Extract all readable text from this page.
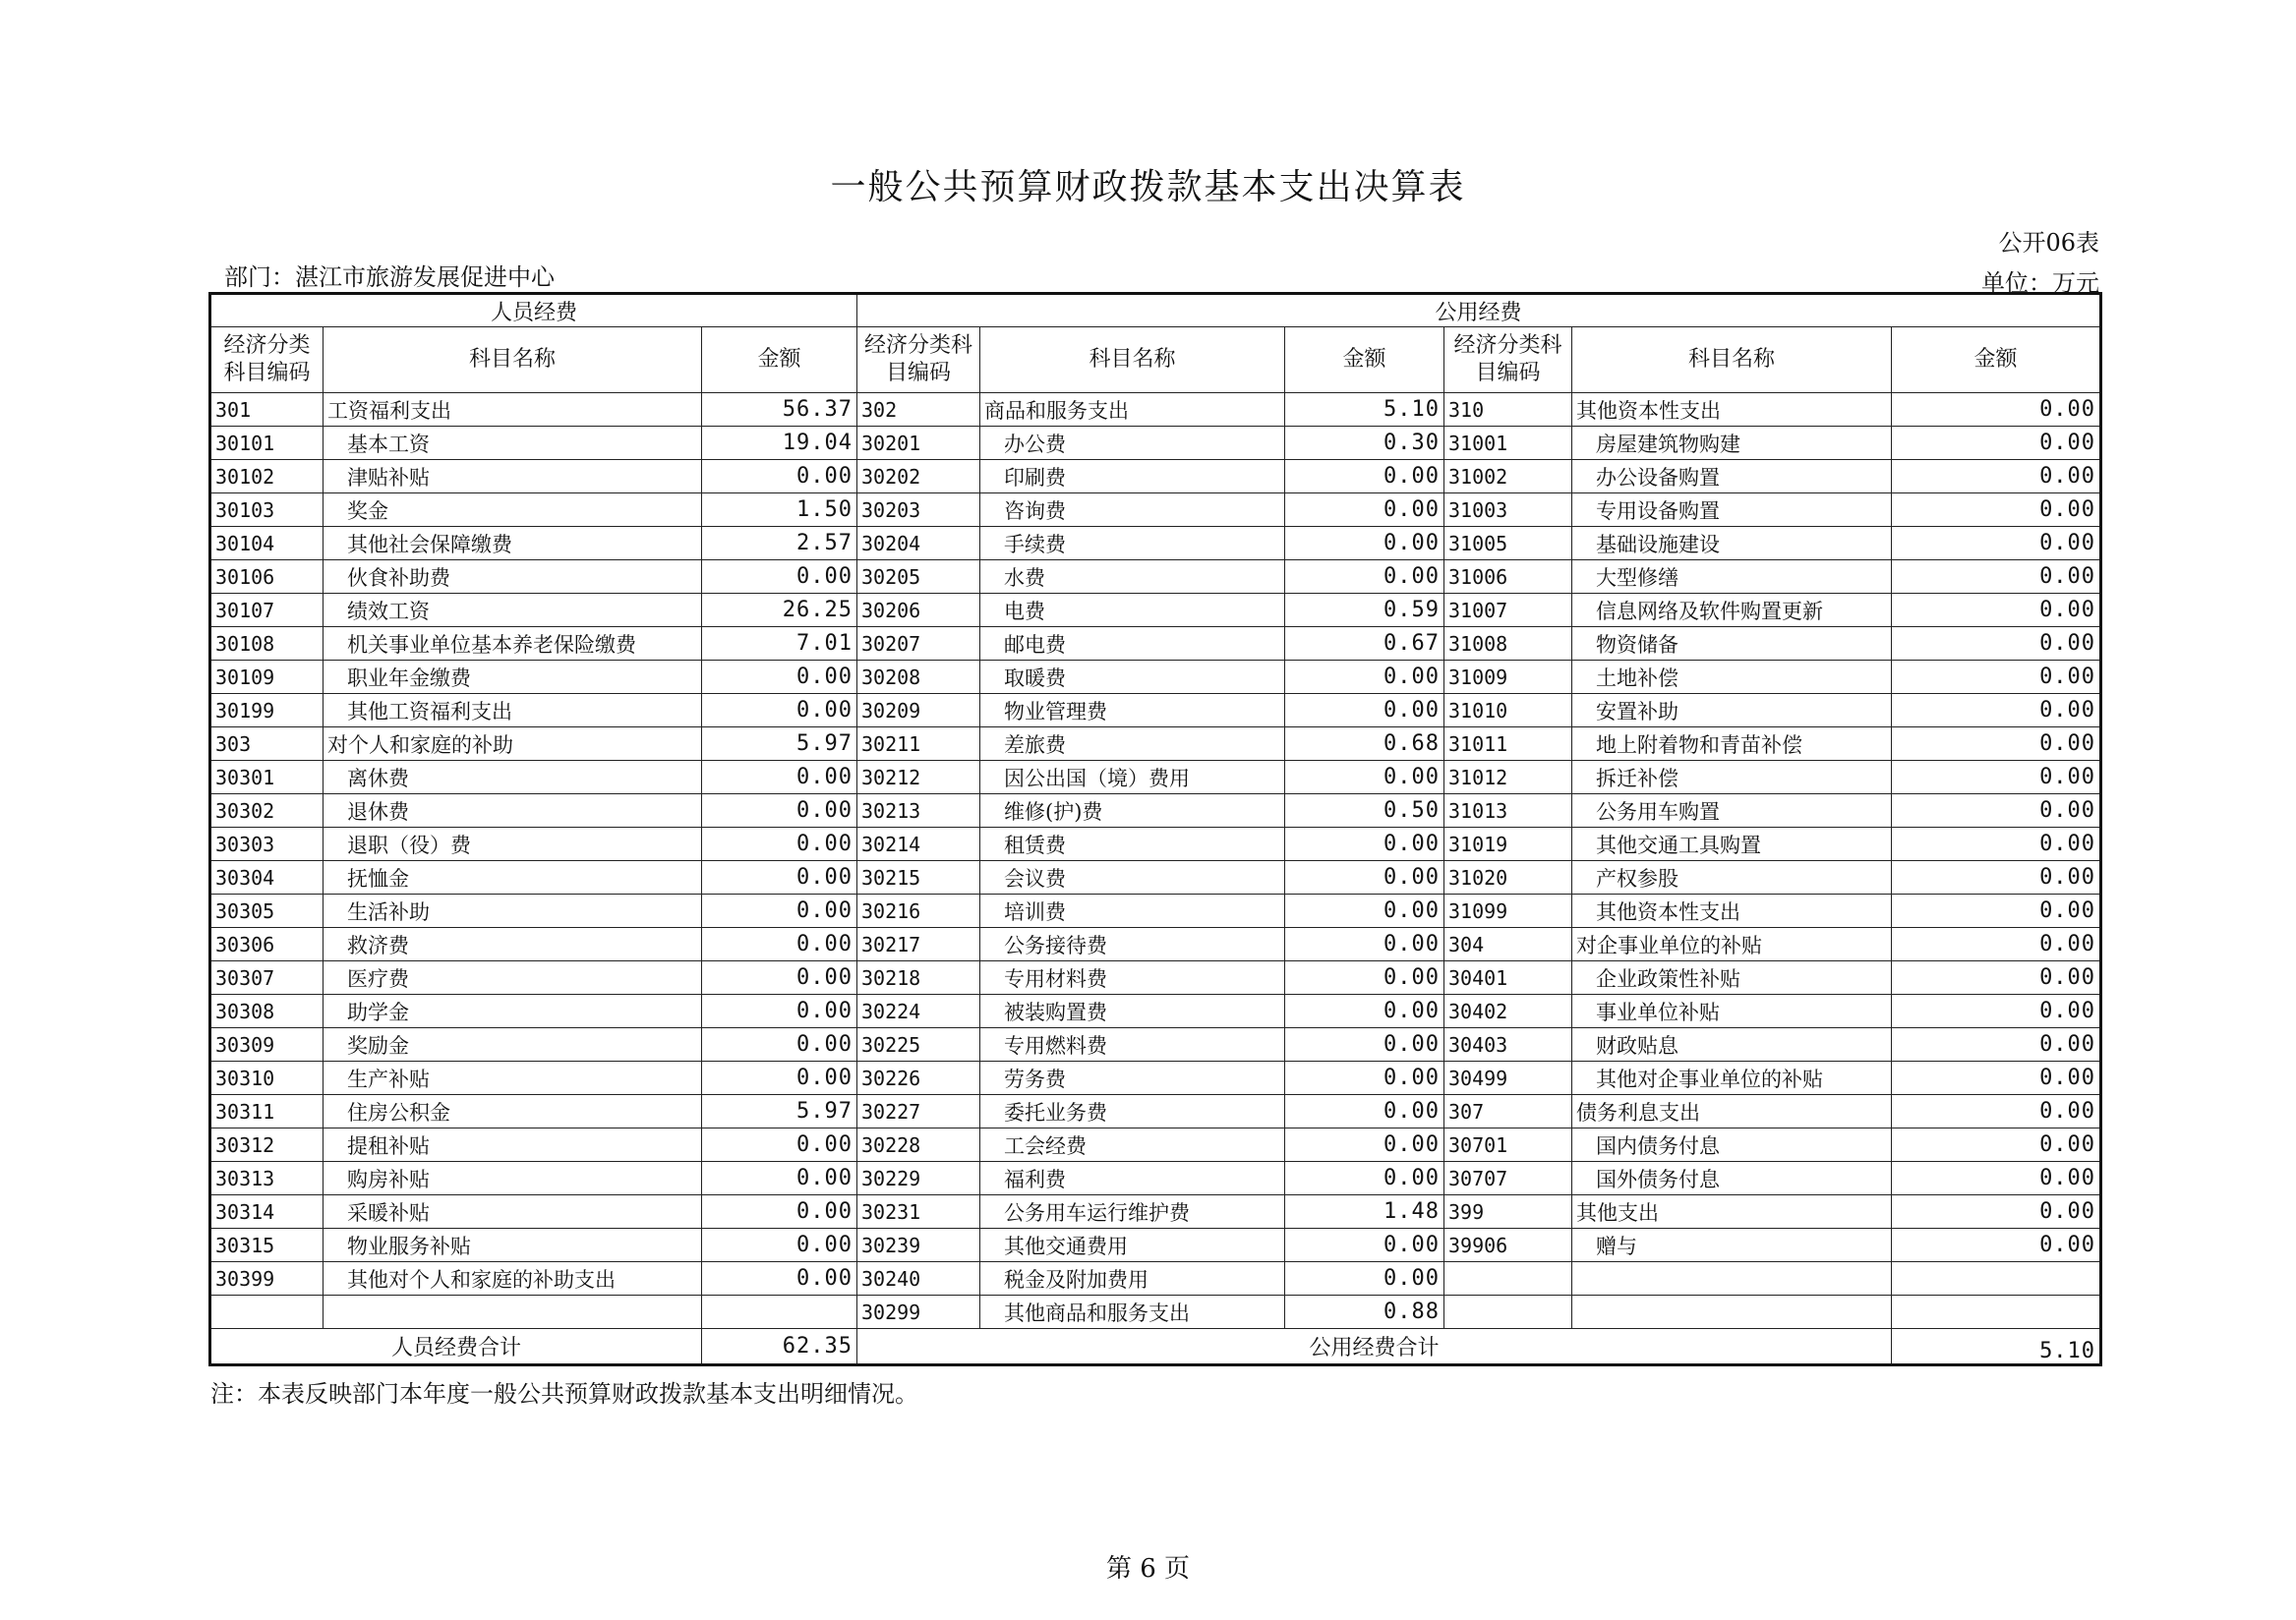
一般公共预算财政拨款基本支出决算表
公开06表
部门：湛江市旅游发展促进中心	单位：万元
人员经费			公用经费					
经济分类科目编码	科目名称	金额	经济分类科目编码	科目名称	金额	经济分类科目编码	科目名称	金额
301	工资福利支出	56.37	302	商品和服务支出	5.10	310	其他资本性支出	0.00
30101	基本工资	19.04	30201	办公费	0.30	31001	房屋建筑物购建	0.00
30102	津贴补贴	0.00	30202	印刷费	0.00	31002	办公设备购置	0.00
30103	奖金	1.50	30203	咨询费	0.00	31003	专用设备购置	0.00
30104	其他社会保障缴费	2.57	30204	手续费	0.00	31005	基础设施建设	0.00
30106	伙食补助费	0.00	30205	水费	0.00	31006	大型修缮	0.00
30107	绩效工资	26.25	30206	电费	0.59	31007	信息网络及软件购置更新	0.00
30108	机关事业单位基本养老保险缴费	7.01	30207	邮电费	0.67	31008	物资储备	0.00
30109	职业年金缴费	0.00	30208	取暖费	0.00	31009	土地补偿	0.00
30199	其他工资福利支出	0.00	30209	物业管理费	0.00	31010	安置补助	0.00
303	对个人和家庭的补助	5.97	30211	差旅费	0.68	31011	地上附着物和青苗补偿	0.00
30301	离休费	0.00	30212	因公出国（境）费用	0.00	31012	拆迁补偿	0.00
30302	退休费	0.00	30213	维修(护)费	0.50	31013	公务用车购置	0.00
30303	退职（役）费	0.00	30214	租赁费	0.00	31019	其他交通工具购置	0.00
30304	抚恤金	0.00	30215	会议费	0.00	31020	产权参股	0.00
30305	生活补助	0.00	30216	培训费	0.00	31099	其他资本性支出	0.00
30306	救济费	0.00	30217	公务接待费	0.00	304	对企事业单位的补贴	0.00
30307	医疗费	0.00	30218	专用材料费	0.00	30401	企业政策性补贴	0.00
30308	助学金	0.00	30224	被装购置费	0.00	30402	事业单位补贴	0.00
30309	奖励金	0.00	30225	专用燃料费	0.00	30403	财政贴息	0.00
30310	生产补贴	0.00	30226	劳务费	0.00	30499	其他对企事业单位的补贴	0.00
30311	住房公积金	5.97	30227	委托业务费	0.00	307	债务利息支出	0.00
30312	提租补贴	0.00	30228	工会经费	0.00	30701	国内债务付息	0.00
30313	购房补贴	0.00	30229	福利费	0.00	30707	国外债务付息	0.00
30314	采暖补贴	0.00	30231	公务用车运行维护费	1.48	399	其他支出	0.00
30315	物业服务补贴	0.00	30239	其他交通费用	0.00	39906	赠与	0.00
30399	其他对个人和家庭的补助支出	0.00	30240	税金及附加费用	0.00			
			30299	其他商品和服务支出	0.88			
人员经费合计		62.35	公用经费合计					5.10
注：本表反映部门本年度一般公共预算财政拨款基本支出明细情况。
第 6 页
